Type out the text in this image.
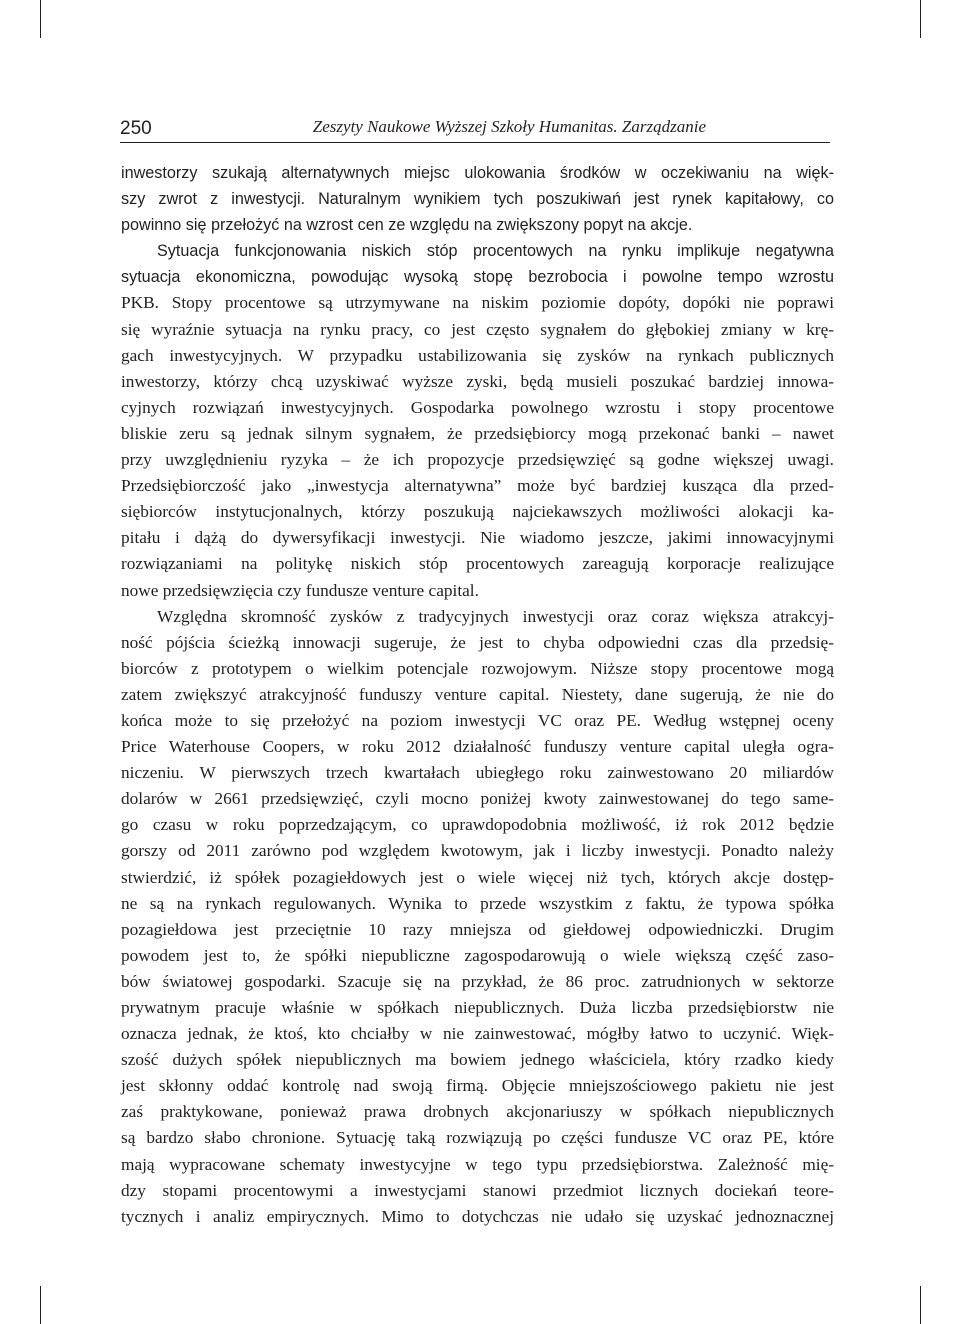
250	Zeszyty Naukowe Wyższej Szkoły Humanitas. Zarządzanie
inwestorzy szukają alternatywnych miejsc ulokowania środków w oczekiwaniu na więk-
szy zwrot z inwestycji. Naturalnym wynikiem tych poszukiwań jest rynek kapitałowy, co
powinno się przełożyć na wzrost cen ze względu na zwiększony popyt na akcje.
Sytuacja funkcjonowania niskich stóp procentowych na rynku implikuje negatywna
sytuacja ekonomiczna, powodując wysoką stopę bezrobocia i powolne tempo wzrostu
PKB. Stopy procentowe są utrzymywane na niskim poziomie dopóty, dopóki nie poprawi
się wyraźnie sytuacja na rynku pracy, co jest często sygnałem do głębokiej zmiany w krę-
gach inwestycyjnych. W przypadku ustabilizowania się zysków na rynkach publicznych
inwestorzy, którzy chcą uzyskiwać wyższe zyski, będą musieli poszukać bardziej innowa-
cyjnych rozwiązań inwestycyjnych. Gospodarka powolnego wzrostu i stopy procentowe
bliskie zeru są jednak silnym sygnałem, że przedsiębiorcy mogą przekonać banki – nawet
przy uwzględnieniu ryzyka – że ich propozycje przedsięwzięć są godne większej uwagi.
Przedsiębiorczość jako „inwestycja alternatywna” może być bardziej kusząca dla przed-
siębiorców instytucjonalnych, którzy poszukują najciekawszych możliwości alokacji ka-
pitału i dążą do dywersyfikacji inwestycji. Nie wiadomo jeszcze, jakimi innowacyjnymi
rozwiązaniami na politykę niskich stóp procentowych zareagują korporacje realizujące
nowe przedsięwzięcia czy fundusze venture capital.
Względna skromność zysków z tradycyjnych inwestycji oraz coraz większa atrakcyj-
ność pójścia ścieżką innowacji sugeruje, że jest to chyba odpowiedni czas dla przedsię-
biorców z prototypem o wielkim potencjale rozwojowym. Niższe stopy procentowe mogą
zatem zwiększyć atrakcyjność funduszy venture capital. Niestety, dane sugerują, że nie do
końca może to się przełożyć na poziom inwestycji VC oraz PE. Według wstępnej oceny
Price Waterhouse Coopers, w roku 2012 działalność funduszy venture capital uległa ogra-
niczeniu. W pierwszych trzech kwartałach ubiegłego roku zainwestowano 20 miliardów
dolarów w 2661 przedsięwzięć, czyli mocno poniżej kwoty zainwestowanej do tego same-
go czasu w roku poprzedzającym, co uprawdopodobnia możliwość, iż rok 2012 będzie
gorszy od 2011 zarówno pod względem kwotowym, jak i liczby inwestycji. Ponadto należy
stwierdzić, iż spółek pozagiełdowych jest o wiele więcej niż tych, których akcje dostęp-
ne są na rynkach regulowanych. Wynika to przede wszystkim z faktu, że typowa spółka
pozagiełdowa jest przeciętnie 10 razy mniejsza od giełdowej odpowiedniczki. Drugim
powodem jest to, że spółki niepubliczne zagospodarowują o wiele większą część zaso-
bów światowej gospodarki. Szacuje się na przykład, że 86 proc. zatrudnionych w sektorze
prywatnym pracuje właśnie w spółkach niepublicznych. Duża liczba przedsiębiorstw nie
oznacza jednak, że ktoś, kto chciałby w nie zainwestować, mógłby łatwo to uczynić. Więk-
szość dużych spółek niepublicznych ma bowiem jednego właściciela, który rzadko kiedy
jest skłonny oddać kontrolę nad swoją firmą. Objęcie mniejszościowego pakietu nie jest
zaś praktykowane, ponieważ prawa drobnych akcjonariuszy w spółkach niepublicznych
są bardzo słabo chronione. Sytuację taką rozwiązują po części fundusze VC oraz PE, które
mają wypracowane schematy inwestycyjne w tego typu przedsiębiorstwa. Zależność mię-
dzy stopami procentowymi a inwestycjami stanowi przedmiot licznych dociekań teore-
tycznych i analiz empirycznych. Mimo to dotychczas nie udało się uzyskać jednoznacznej
